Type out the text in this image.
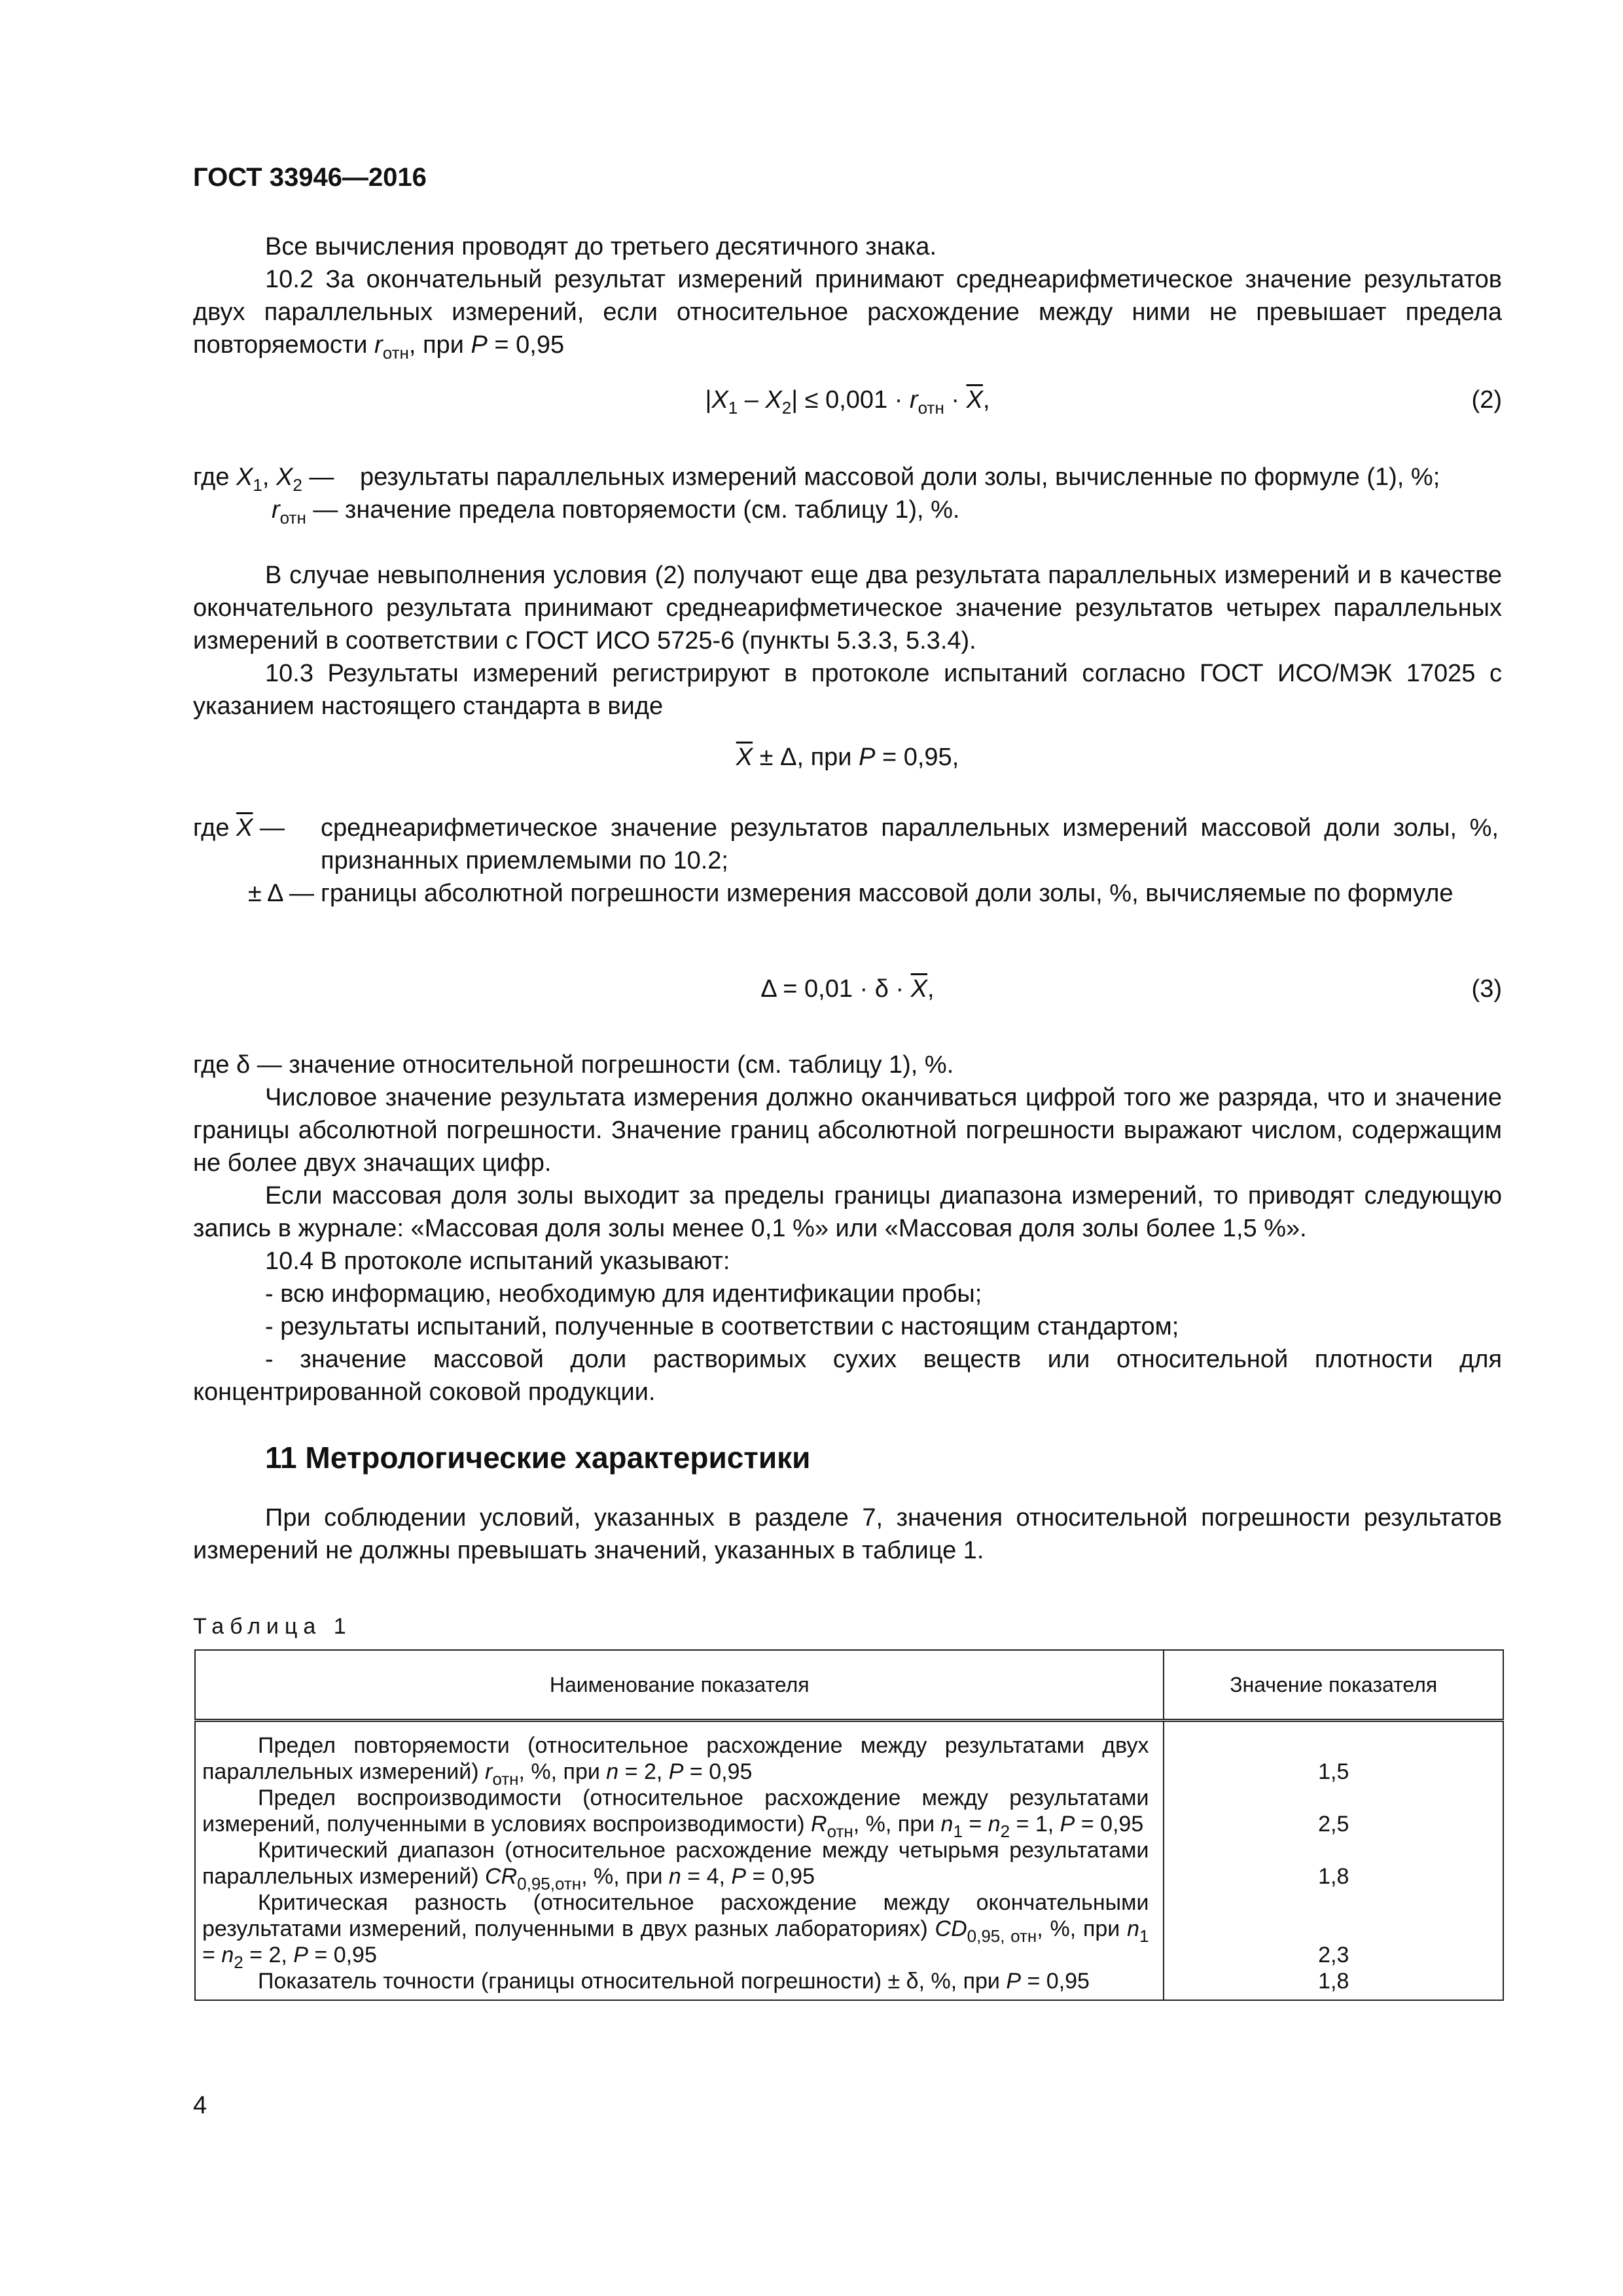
ГОСТ 33946—2016

Все вычисления проводят до третьего десятичного знака.

10.2 За окончательный результат измерений принимают среднеарифметическое значение результатов двух параллельных измерений, если относительное расхождение между ними не превышает предела повторяемости $r_{отн}$, при P = 0,95

$|X_1 - X_2| \le 0,001 \cdot r_{отн} \cdot \overline{X}$,	(2)
где $X_1$, $X_2$ — результаты параллельных измерений массовой доли золы, вычисленные по формуле (1), %;
$r_{отн}$ — значение предела повторяемости (см. таблицу 1), %.

В случае невыполнения условия (2) получают еще два результата параллельных измерений и в качестве окончательного результата принимают среднеарифметическое значение результатов четырех параллельных измерений в соответствии с ГОСТ ИСО 5725-6 (пункты 5.3.3, 5.3.4).

10.3 Результаты измерений регистрируют в протоколе испытаний согласно ГОСТ ИСО/МЭК 17025 с указанием настоящего стандарта в виде

$\overline{X} \pm \Delta$, при P = 0,95,
где $\overline{X}$ — среднеарифметическое значение результатов параллельных измерений массовой доли золы, %, признанных приемлемыми по 10.2;
± Δ — границы абсолютной погрешности измерения массовой доли золы, %, вычисляемые по формуле
$\Delta = 0,01 \cdot \delta \cdot \overline{X}$,	(3)

где δ — значение относительной погрешности (см. таблицу 1), %.

Числовое значение результата измерения должно оканчиваться цифрой того же разряда, что и значение границы абсолютной погрешности. Значение границ абсолютной погрешности выражают числом, содержащим не более двух значащих цифр.

Если массовая доля золы выходит за пределы границы диапазона измерений, то приводят следующую запись в журнале: «Массовая доля золы менее 0,1 %» или «Массовая доля золы более 1,5 %».

10.4 В протоколе испытаний указывают:

- всю информацию, необходимую для идентификации пробы;

- результаты испытаний, полученные в соответствии с настоящим стандартом;

- значение массовой доли растворимых сухих веществ или относительной плотности для концентрированной соковой продукции.

11 Метрологические характеристики

При соблюдении условий, указанных в разделе 7, значения относительной погрешности результатов измерений не должны превышать значений, указанных в таблице 1.

Таблица 1
Наименование показателя	Значение показателя
Предел повторяемости (относительное расхождение между результатами двух параллельных измерений) $r_{отн}$, %, при n = 2, P = 0,95	1,5
Предел воспроизводимости (относительное расхождение между результатами измерений, полученными в условиях воспроизводимости) $R_{отн}$, %, при $n_1 = n_2 = 1$, P = 0,95	2,5
Критический диапазон (относительное расхождение между четырьмя результатами параллельных измерений) $CR_{0,95,отн}$, %, при n = 4, P = 0,95	1,8
Критическая разность (относительное расхождение между окончательными результатами измерений, полученными в двух разных лабораториях) $CD_{0,95, отн}$, %, при $n_1 = n_2 = 2$, P = 0,95	2,3
Показатель точности (границы относительной погрешности) ± δ, %, при P = 0,95	1,8
4
